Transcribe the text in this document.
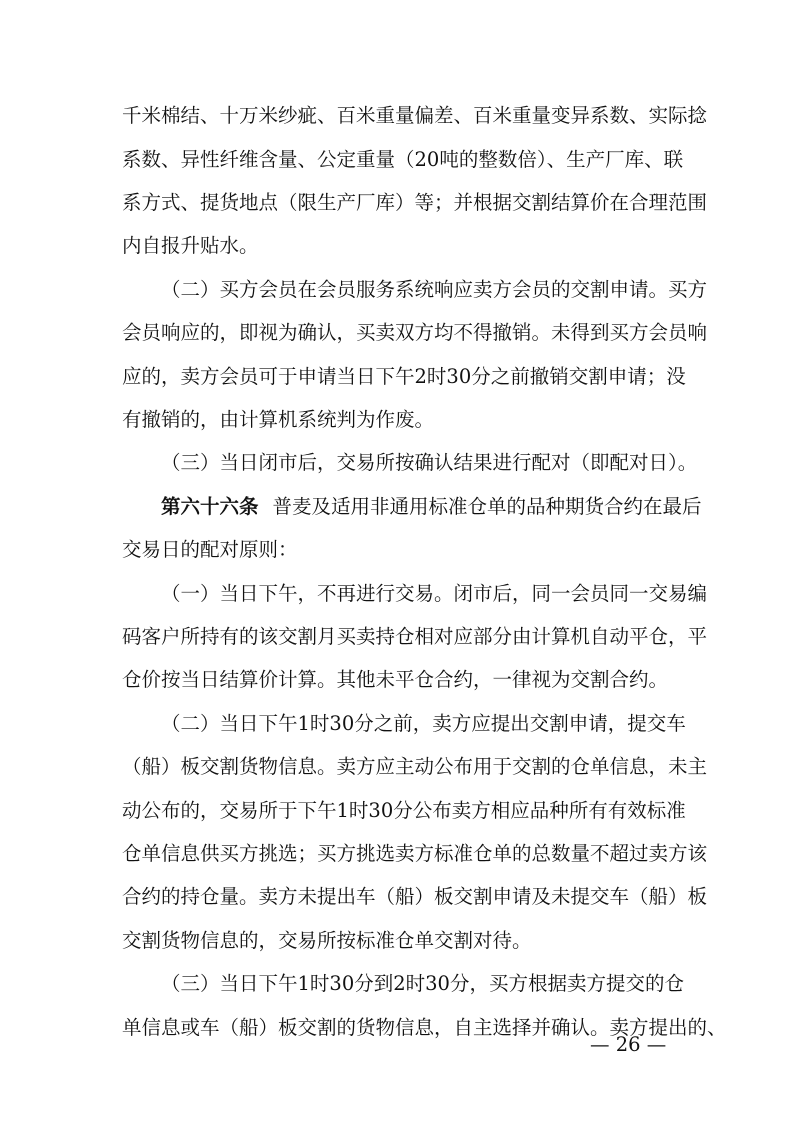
千米棉结、十万米纱疵、百米重量偏差、百米重量变异系数、实际捻
系数、异性纤维含量、公定重量（20吨的整数倍）、生产厂库、联
系方式、提货地点（限生产厂库）等；并根据交割结算价在合理范围
内自报升贴水。
（二）买方会员在会员服务系统响应卖方会员的交割申请。买方
会员响应的，即视为确认，买卖双方均不得撤销。未得到买方会员响
应的，卖方会员可于申请当日下午2时30分之前撤销交割申请；没
有撤销的，由计算机系统判为作废。
（三）当日闭市后，交易所按确认结果进行配对（即配对日）。
第六十六条 普麦及适用非通用标准仓单的品种期货合约在最后
交易日的配对原则：
（一）当日下午，不再进行交易。闭市后，同一会员同一交易编
码客户所持有的该交割月买卖持仓相对应部分由计算机自动平仓，平
仓价按当日结算价计算。其他未平仓合约，一律视为交割合约。
（二）当日下午1时30分之前，卖方应提出交割申请，提交车
（船）板交割货物信息。卖方应主动公布用于交割的仓单信息，未主
动公布的，交易所于下午1时30分公布卖方相应品种所有有效标准
仓单信息供买方挑选；买方挑选卖方标准仓单的总数量不超过卖方该
合约的持仓量。卖方未提出车（船）板交割申请及未提交车（船）板
交割货物信息的，交易所按标准仓单交割对待。
（三）当日下午1时30分到2时30分，买方根据卖方提交的仓
单信息或车（船）板交割的货物信息，自主选择并确认。卖方提出的、
— 26 —
